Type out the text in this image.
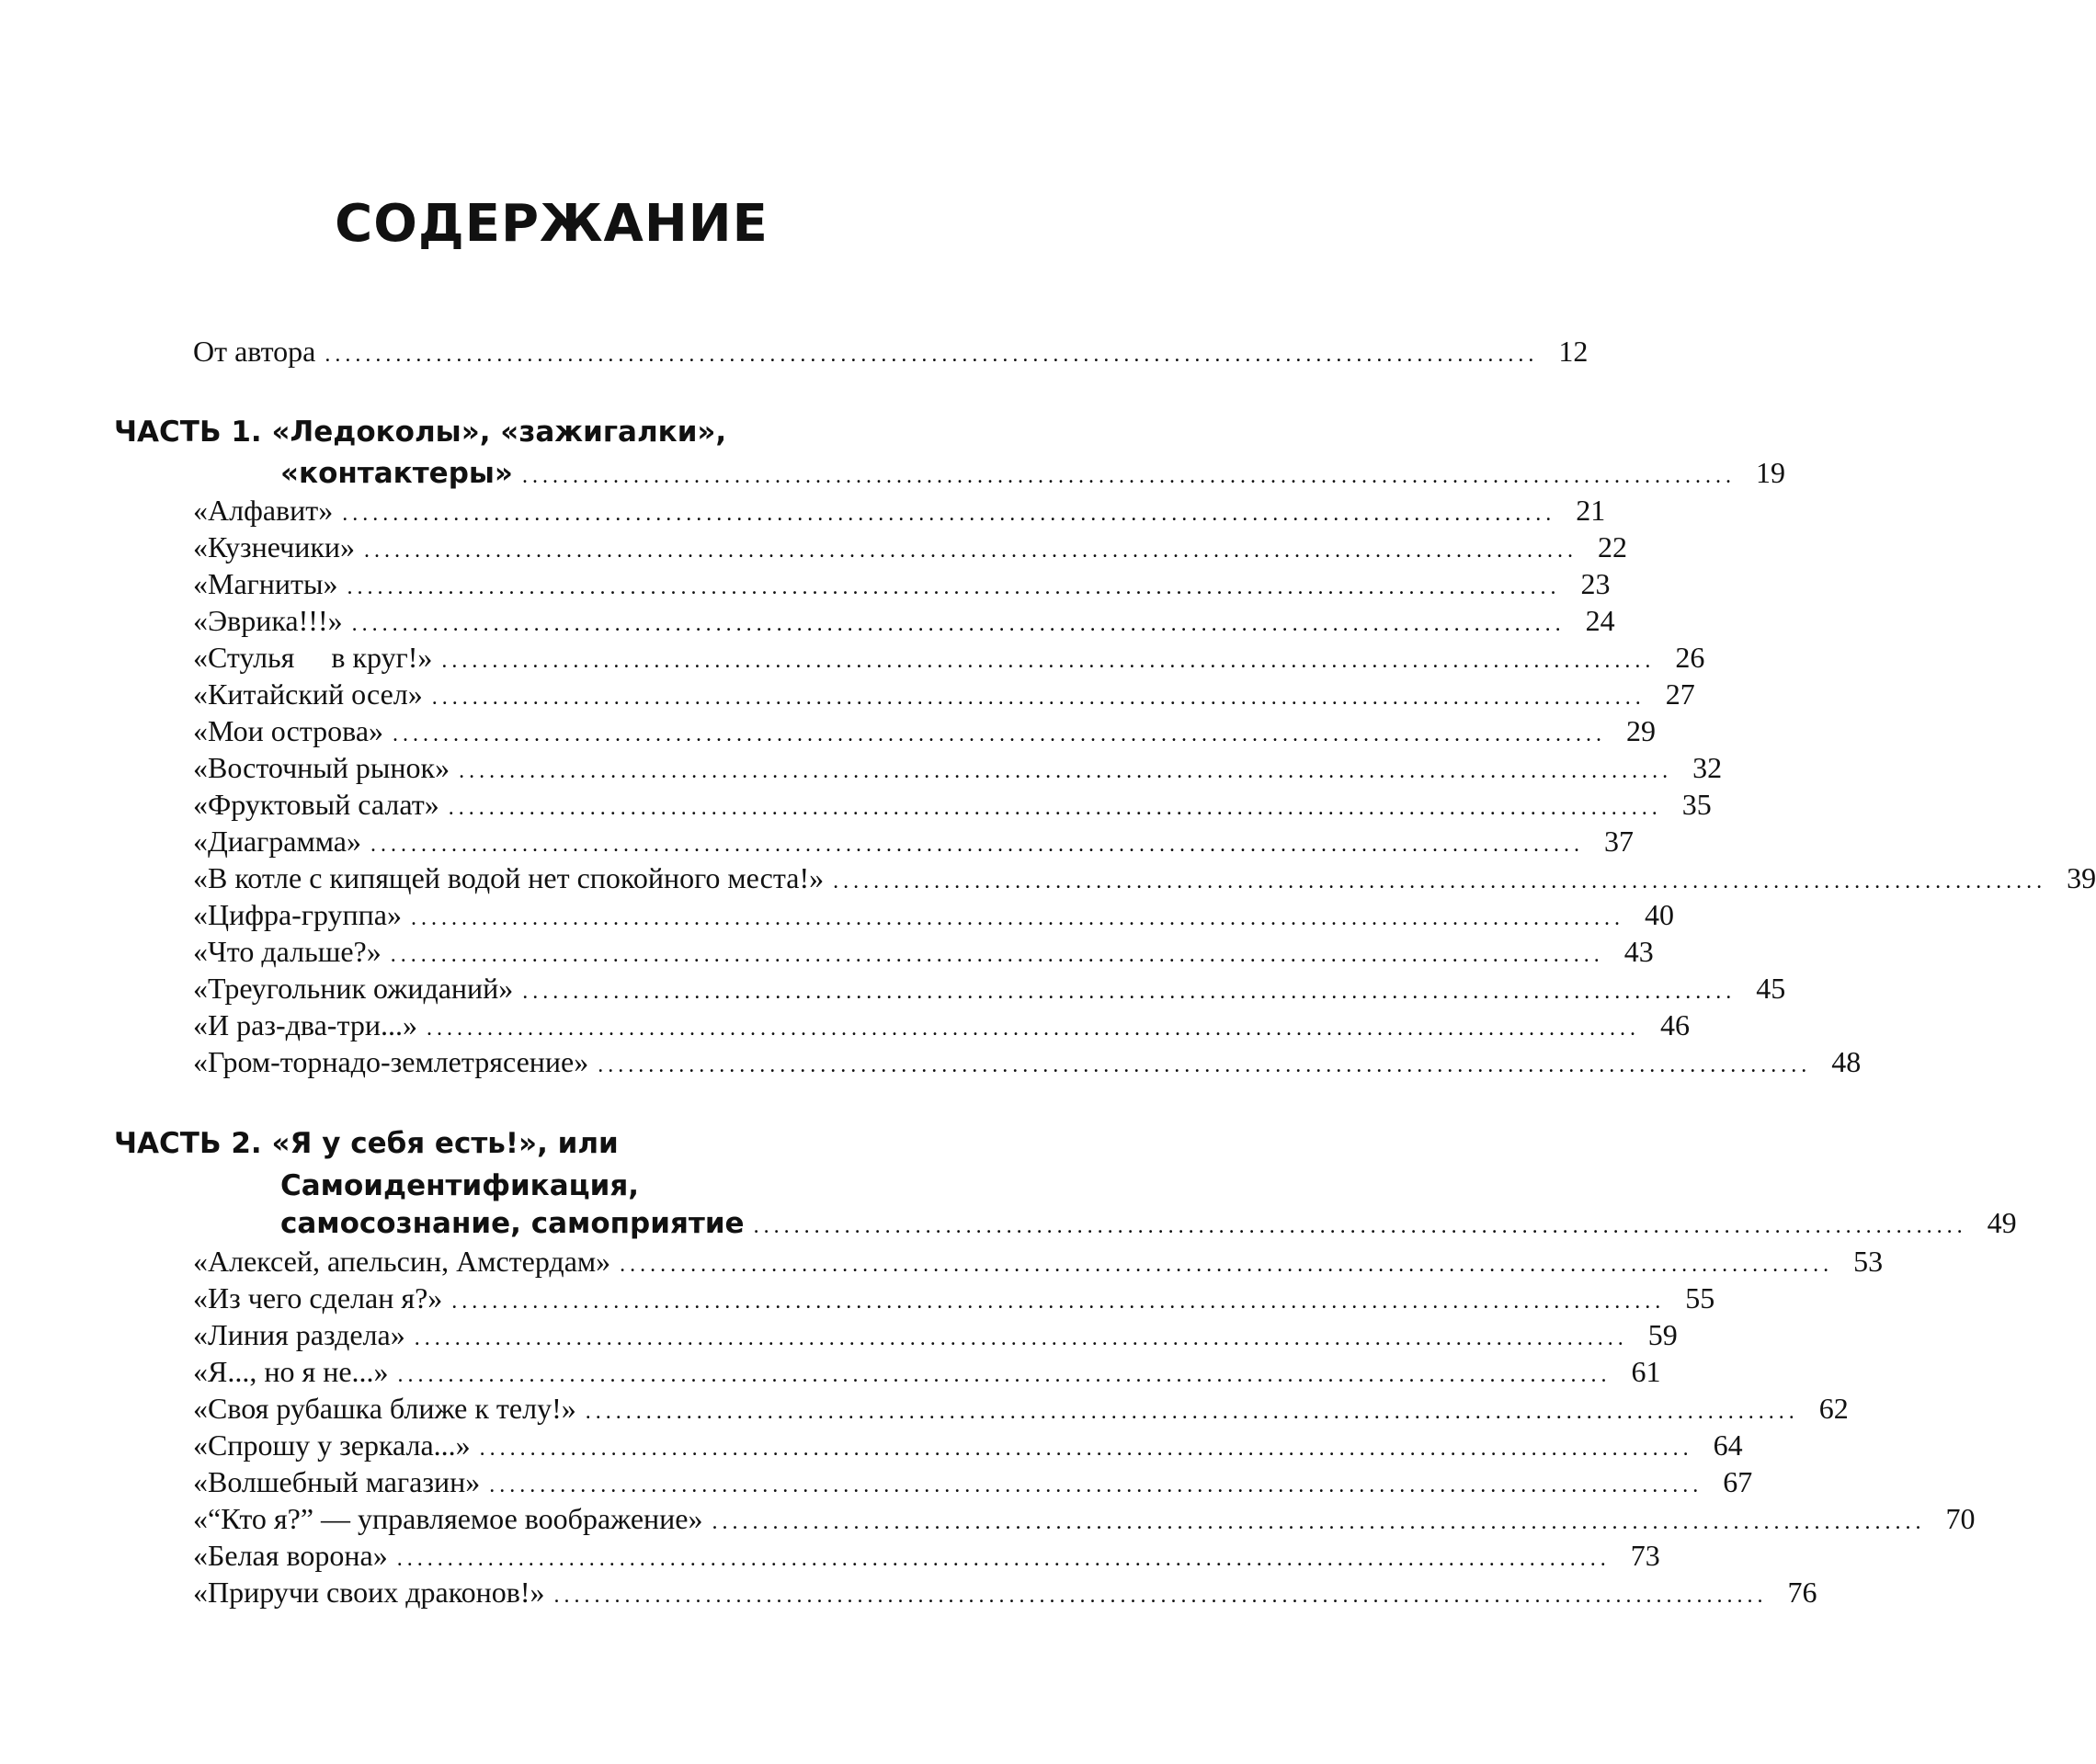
СОДЕРЖАНИЕ
От автора ........................................................................................................................ 12
ЧАСТЬ 1. «Ледоколы», «зажигалки»,
«контактеры» ........................................................................................................................ 19
«Алфавит» ........................................................................................................................ 21
«Кузнечики» ........................................................................................................................ 22
«Магниты» ........................................................................................................................ 23
«Эврика!!!» ........................................................................................................................ 24
«Стулья     в круг!» ........................................................................................................................ 26
«Китайский осел» ........................................................................................................................ 27
«Мои острова» ........................................................................................................................ 29
«Восточный рынок» ........................................................................................................................ 32
«Фруктовый салат» ........................................................................................................................ 35
«Диаграмма» ........................................................................................................................ 37
«В котле с кипящей водой нет спокойного места!» ........................................................................................................................ 39
«Цифра-группа» ........................................................................................................................ 40
«Что дальше?» ........................................................................................................................ 43
«Треугольник ожиданий» ........................................................................................................................ 45
«И раз-два-три...» ........................................................................................................................ 46
«Гром-торнадо-землетрясение» ........................................................................................................................ 48
ЧАСТЬ 2. «Я у себя есть!», или
Самоидентификация,
самосознание, самоприятие ........................................................................................................................ 49
«Алексей, апельсин, Амстердам» ........................................................................................................................ 53
«Из чего сделан я?» ........................................................................................................................ 55
«Линия раздела» ........................................................................................................................ 59
«Я..., но я не...» ........................................................................................................................ 61
«Своя рубашка ближе к телу!» ........................................................................................................................ 62
«Спрошу у зеркала...» ........................................................................................................................ 64
«Волшебный магазин» ........................................................................................................................ 67
«“Кто я?” — управляемое воображение» ........................................................................................................................ 70
«Белая ворона» ........................................................................................................................ 73
«Приручи своих драконов!» ........................................................................................................................ 76
